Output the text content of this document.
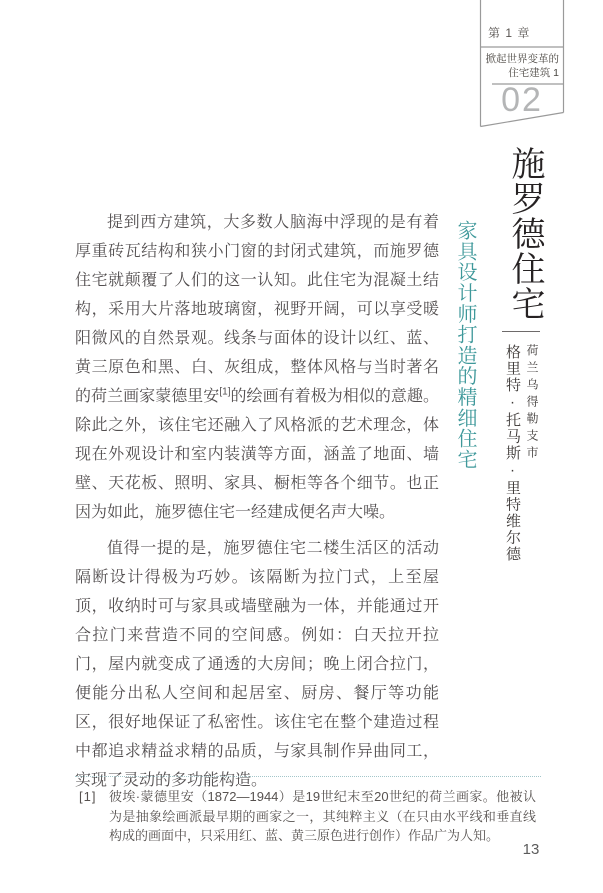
第 1 章
掀起世界变革的
住宅建筑 1
02
施罗德住宅
荷兰乌得勒支市
格里特·托马斯·里特维尔德
家具设计师打造的精细住宅

提到西方建筑，大多数人脑海中浮现的是有着厚重砖瓦结构和狭小门窗的封闭式建筑，而施罗德住宅就颠覆了人们的这一认知。此住宅为混凝土结构，采用大片落地玻璃窗，视野开阔，可以享受暖阳微风的自然景观。线条与面体的设计以红、蓝、黄三原色和黑、白、灰组成，整体风格与当时著名的荷兰画家蒙德里安[1]的绘画有着极为相似的意趣。除此之外，该住宅还融入了风格派的艺术理念，体现在外观设计和室内装潢等方面，涵盖了地面、墙壁、天花板、照明、家具、橱柜等各个细节。也正因为如此，施罗德住宅一经建成便名声大噪。

值得一提的是，施罗德住宅二楼生活区的活动隔断设计得极为巧妙。该隔断为拉门式，上至屋顶，收纳时可与家具或墙壁融为一体，并能通过开合拉门来营造不同的空间感。例如：白天拉开拉门，屋内就变成了通透的大房间；晚上闭合拉门，便能分出私人空间和起居室、厨房、餐厅等功能区，很好地保证了私密性。该住宅在整个建造过程中都追求精益求精的品质，与家具制作异曲同工，实现了灵动的多功能构造。

[1] 彼埃·蒙德里安（1872—1944）是19世纪末至20世纪的荷兰画家。他被认为是抽象绘画派最早期的画家之一，其纯粹主义（在只由水平线和垂直线构成的画面中，只采用红、蓝、黄三原色进行创作）作品广为人知。
13
